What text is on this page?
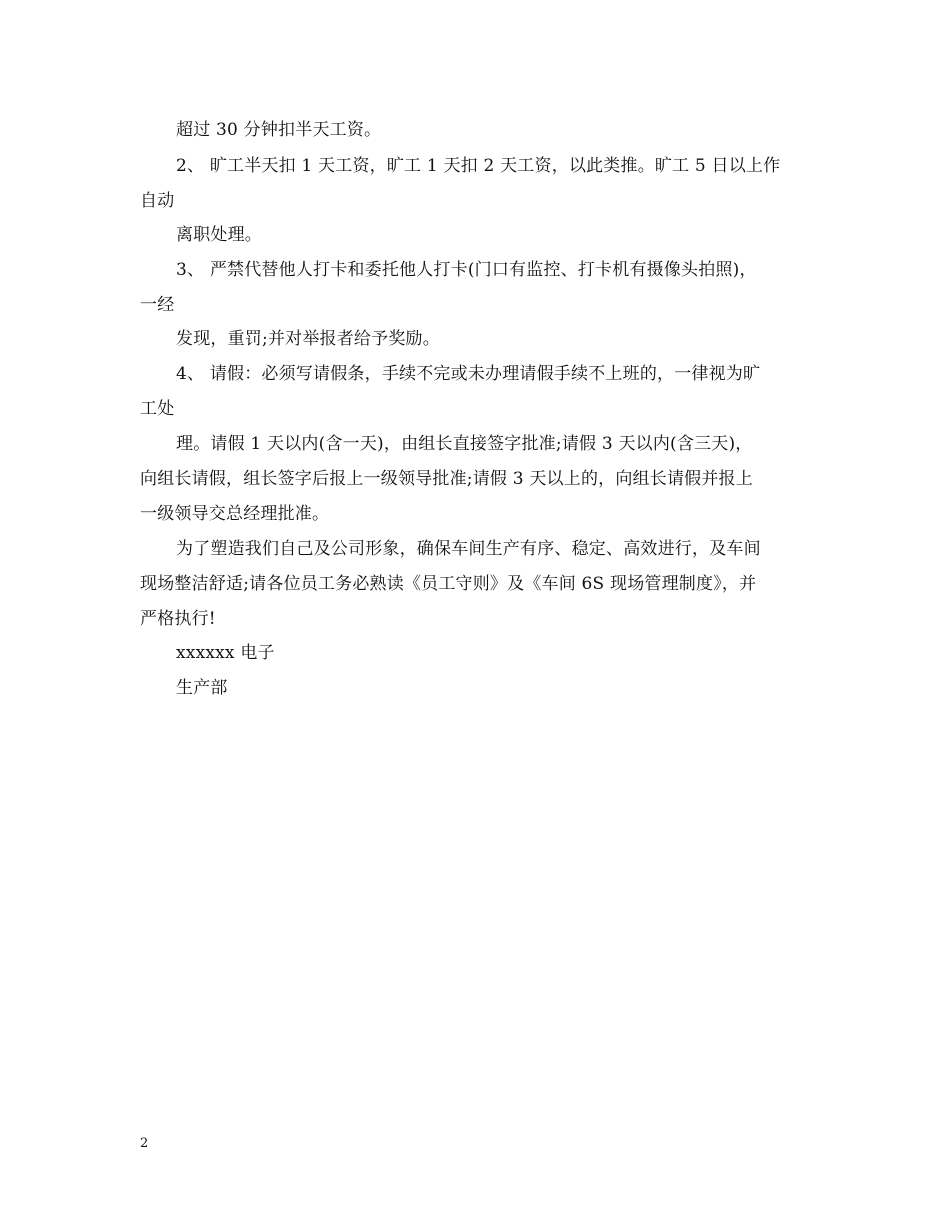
超过 30 分钟扣半天工资。
2、 旷工半天扣 1 天工资，旷工 1 天扣 2 天工资，以此类推。旷工 5 日以上作
自动
离职处理。
3、 严禁代替他人打卡和委托他人打卡(门口有监控、打卡机有摄像头拍照)，
一经
发现，重罚;并对举报者给予奖励。
4、 请假：必须写请假条，手续不完或未办理请假手续不上班的，一律视为旷
工处
理。请假 1 天以内(含一天)，由组长直接签字批准;请假 3 天以内(含三天)，
向组长请假，组长签字后报上一级领导批准;请假 3 天以上的，向组长请假并报上
一级领导交总经理批准。
为了塑造我们自己及公司形象，确保车间生产有序、稳定、高效进行，及车间
现场整洁舒适;请各位员工务必熟读《员工守则》及《车间 6S 现场管理制度》，并
严格执行!
xxxxxx 电子
生产部
2
